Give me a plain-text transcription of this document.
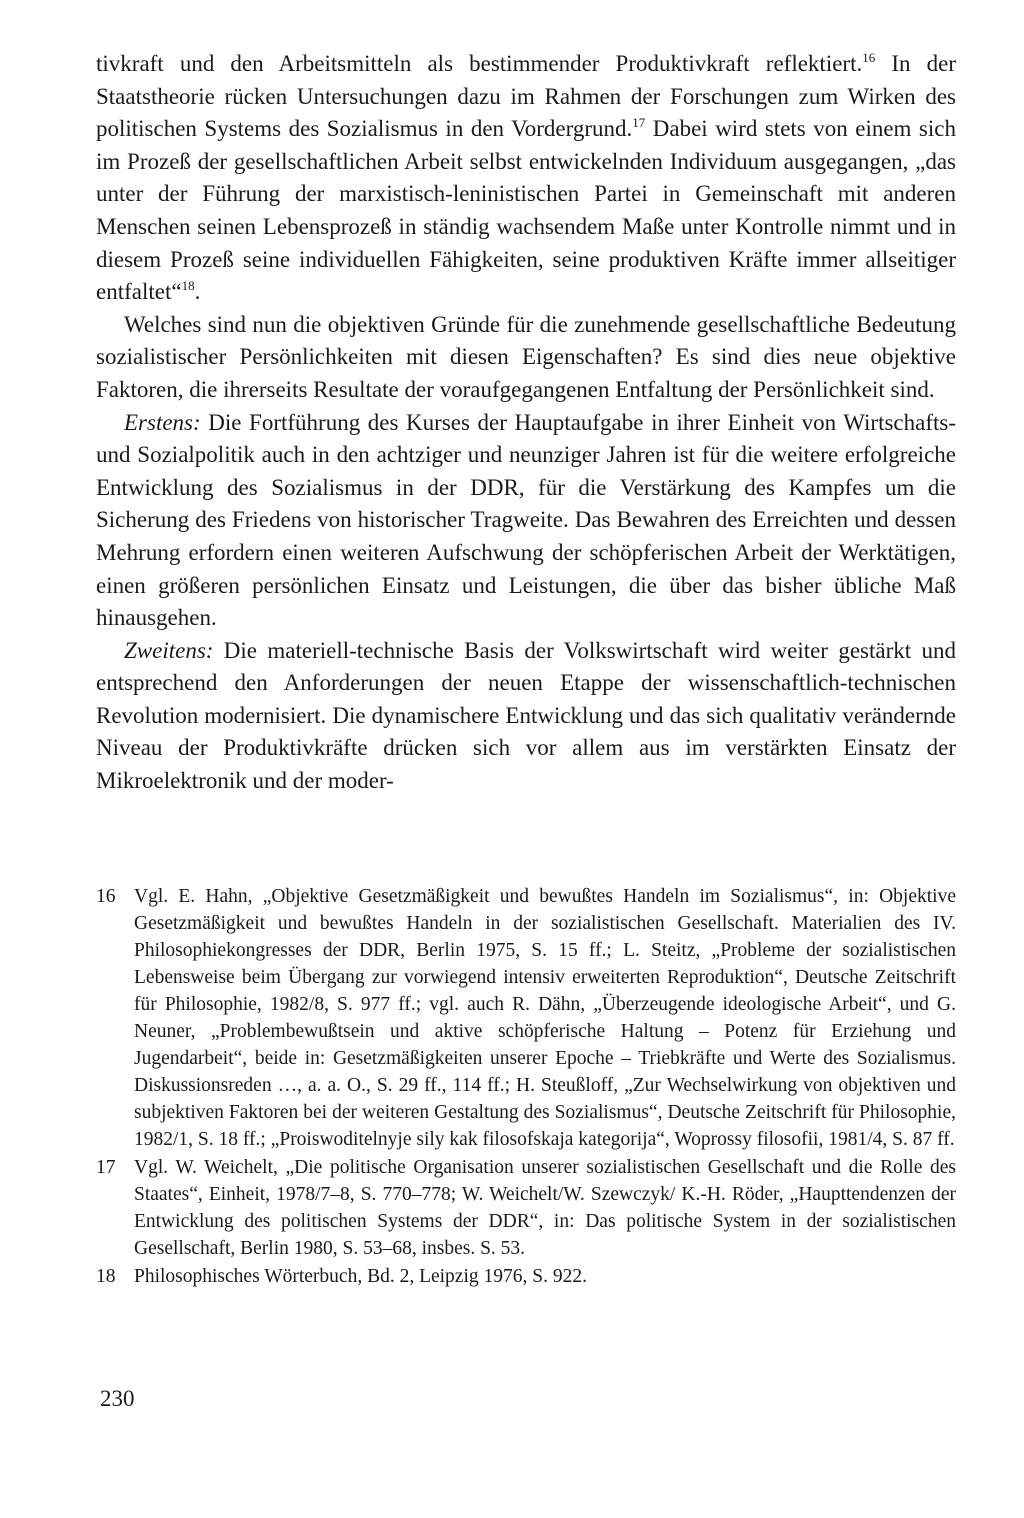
tivkraft und den Arbeitsmitteln als bestimmender Produktivkraft reflektiert.$^{16}$ In der Staatstheorie rücken Untersuchungen dazu im Rahmen der Forschungen zum Wirken des politischen Systems des Sozialismus in den Vordergrund.$^{17}$ Dabei wird stets von einem sich im Prozeß der gesellschaftlichen Arbeit selbst entwickelnden Individuum ausgegangen, „das unter der Führung der marxistisch-leninistischen Partei in Gemeinschaft mit anderen Menschen seinen Lebensprozeß in ständig wachsendem Maße unter Kontrolle nimmt und in diesem Prozeß seine individuellen Fähigkeiten, seine produktiven Kräfte immer allseitiger entfaltet“$^{18}$.

Welches sind nun die objektiven Gründe für die zunehmende gesellschaftliche Bedeutung sozialistischer Persönlichkeiten mit diesen Eigenschaften? Es sind dies neue objektive Faktoren, die ihrerseits Resultate der voraufgegangenen Entfaltung der Persönlichkeit sind.

Erstens: Die Fortführung des Kurses der Hauptaufgabe in ihrer Einheit von Wirtschafts- und Sozialpolitik auch in den achtziger und neunziger Jahren ist für die weitere erfolgreiche Entwicklung des Sozialismus in der DDR, für die Verstärkung des Kampfes um die Sicherung des Friedens von historischer Tragweite. Das Bewahren des Erreichten und dessen Mehrung erfordern einen weiteren Aufschwung der schöpferischen Arbeit der Werktätigen, einen größeren persönlichen Einsatz und Leistungen, die über das bisher übliche Maß hinausgehen.

Zweitens: Die materiell-technische Basis der Volkswirtschaft wird weiter gestärkt und entsprechend den Anforderungen der neuen Etappe der wissenschaftlich-technischen Revolution modernisiert. Die dynamischere Entwicklung und das sich qualitativ verändernde Niveau der Produktivkräfte drücken sich vor allem aus im verstärkten Einsatz der Mikroelektronik und der moder-

16 Vgl. E. Hahn, „Objektive Gesetzmäßigkeit und bewußtes Handeln im Sozialismus“, in: Objektive Gesetzmäßigkeit und bewußtes Handeln in der sozialistischen Gesellschaft. Materialien des IV. Philosophiekongresses der DDR, Berlin 1975, S. 15 ff.; L. Steitz, „Probleme der sozialistischen Lebensweise beim Übergang zur vorwiegend intensiv erweiterten Reproduktion“, Deutsche Zeitschrift für Philosophie, 1982/8, S. 977 ff.; vgl. auch R. Dähn, „Überzeugende ideologische Arbeit“, und G. Neuner, „Problembewußtsein und aktive schöpferische Haltung – Potenz für Erziehung und Jugendarbeit“, beide in: Gesetzmäßigkeiten unserer Epoche – Triebkräfte und Werte des Sozialismus. Diskussionsreden …, a. a. O., S. 29 ff., 114 ff.; H. Steußloff, „Zur Wechselwirkung von objektiven und subjektiven Faktoren bei der weiteren Gestaltung des Sozialismus“, Deutsche Zeitschrift für Philosophie, 1982/1, S. 18 ff.; „Proiswoditelnyje sily kak filosofskaja kategorija“, Woprossy filosofii, 1981/4, S. 87 ff.
17 Vgl. W. Weichelt, „Die politische Organisation unserer sozialistischen Gesellschaft und die Rolle des Staates“, Einheit, 1978/7–8, S. 770–778; W. Weichelt/W. Szewczyk/ K.-H. Röder, „Haupttendenzen der Entwicklung des politischen Systems der DDR“, in: Das politische System in der sozialistischen Gesellschaft, Berlin 1980, S. 53–68, insbes. S. 53.
18 Philosophisches Wörterbuch, Bd. 2, Leipzig 1976, S. 922.
230
